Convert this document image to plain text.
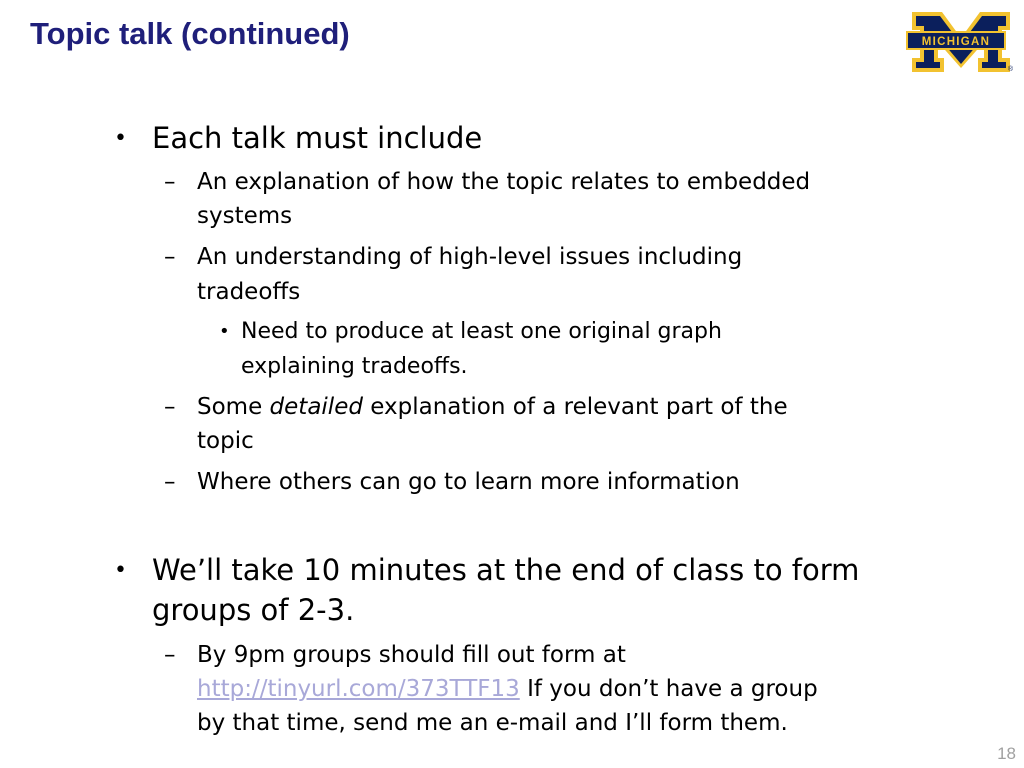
Topic talk (continued)	MICHIGAN
®
• Each talk must include
– An explanation of how the topic relates to embedded
systems
– An understanding of high-level issues including
tradeoffs
• Need to produce at least one original graph
explaining tradeoffs.
– Some detailed explanation of a relevant part of the
topic
– Where others can go to learn more information
• We’ll take 10 minutes at the end of class to form
groups of 2-3.
– By 9pm groups should fill out form at
http://tinyurl.com/373TTF13 If you don’t have a group
by that time, send me an e-mail and I’ll form them.
18
